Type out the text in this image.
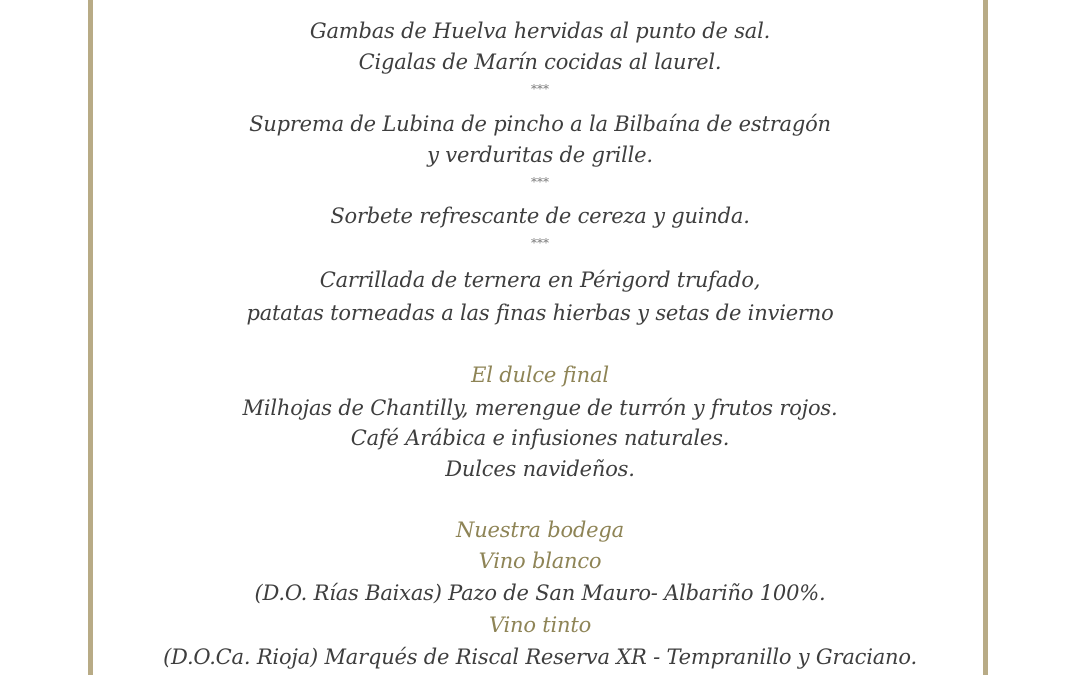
Gambas de Huelva hervidas al punto de sal.
Cigalas de Marín cocidas al laurel.
***
Suprema de Lubina de pincho a la Bilbaína de estragón
y verduritas de grille.
***
Sorbete refrescante de cereza y guinda.
***
Carrillada de ternera en Périgord trufado,
patatas torneadas a las finas hierbas y setas de invierno
El dulce final
Milhojas de Chantilly, merengue de turrón y frutos rojos.
Café Arábica e infusiones naturales.
Dulces navideños.
Nuestra bodega
Vino blanco
(D.O. Rías Baixas) Pazo de San Mauro- Albariño 100%.
Vino tinto
(D.O.Ca. Rioja) Marqués de Riscal Reserva XR - Tempranillo y Graciano.
